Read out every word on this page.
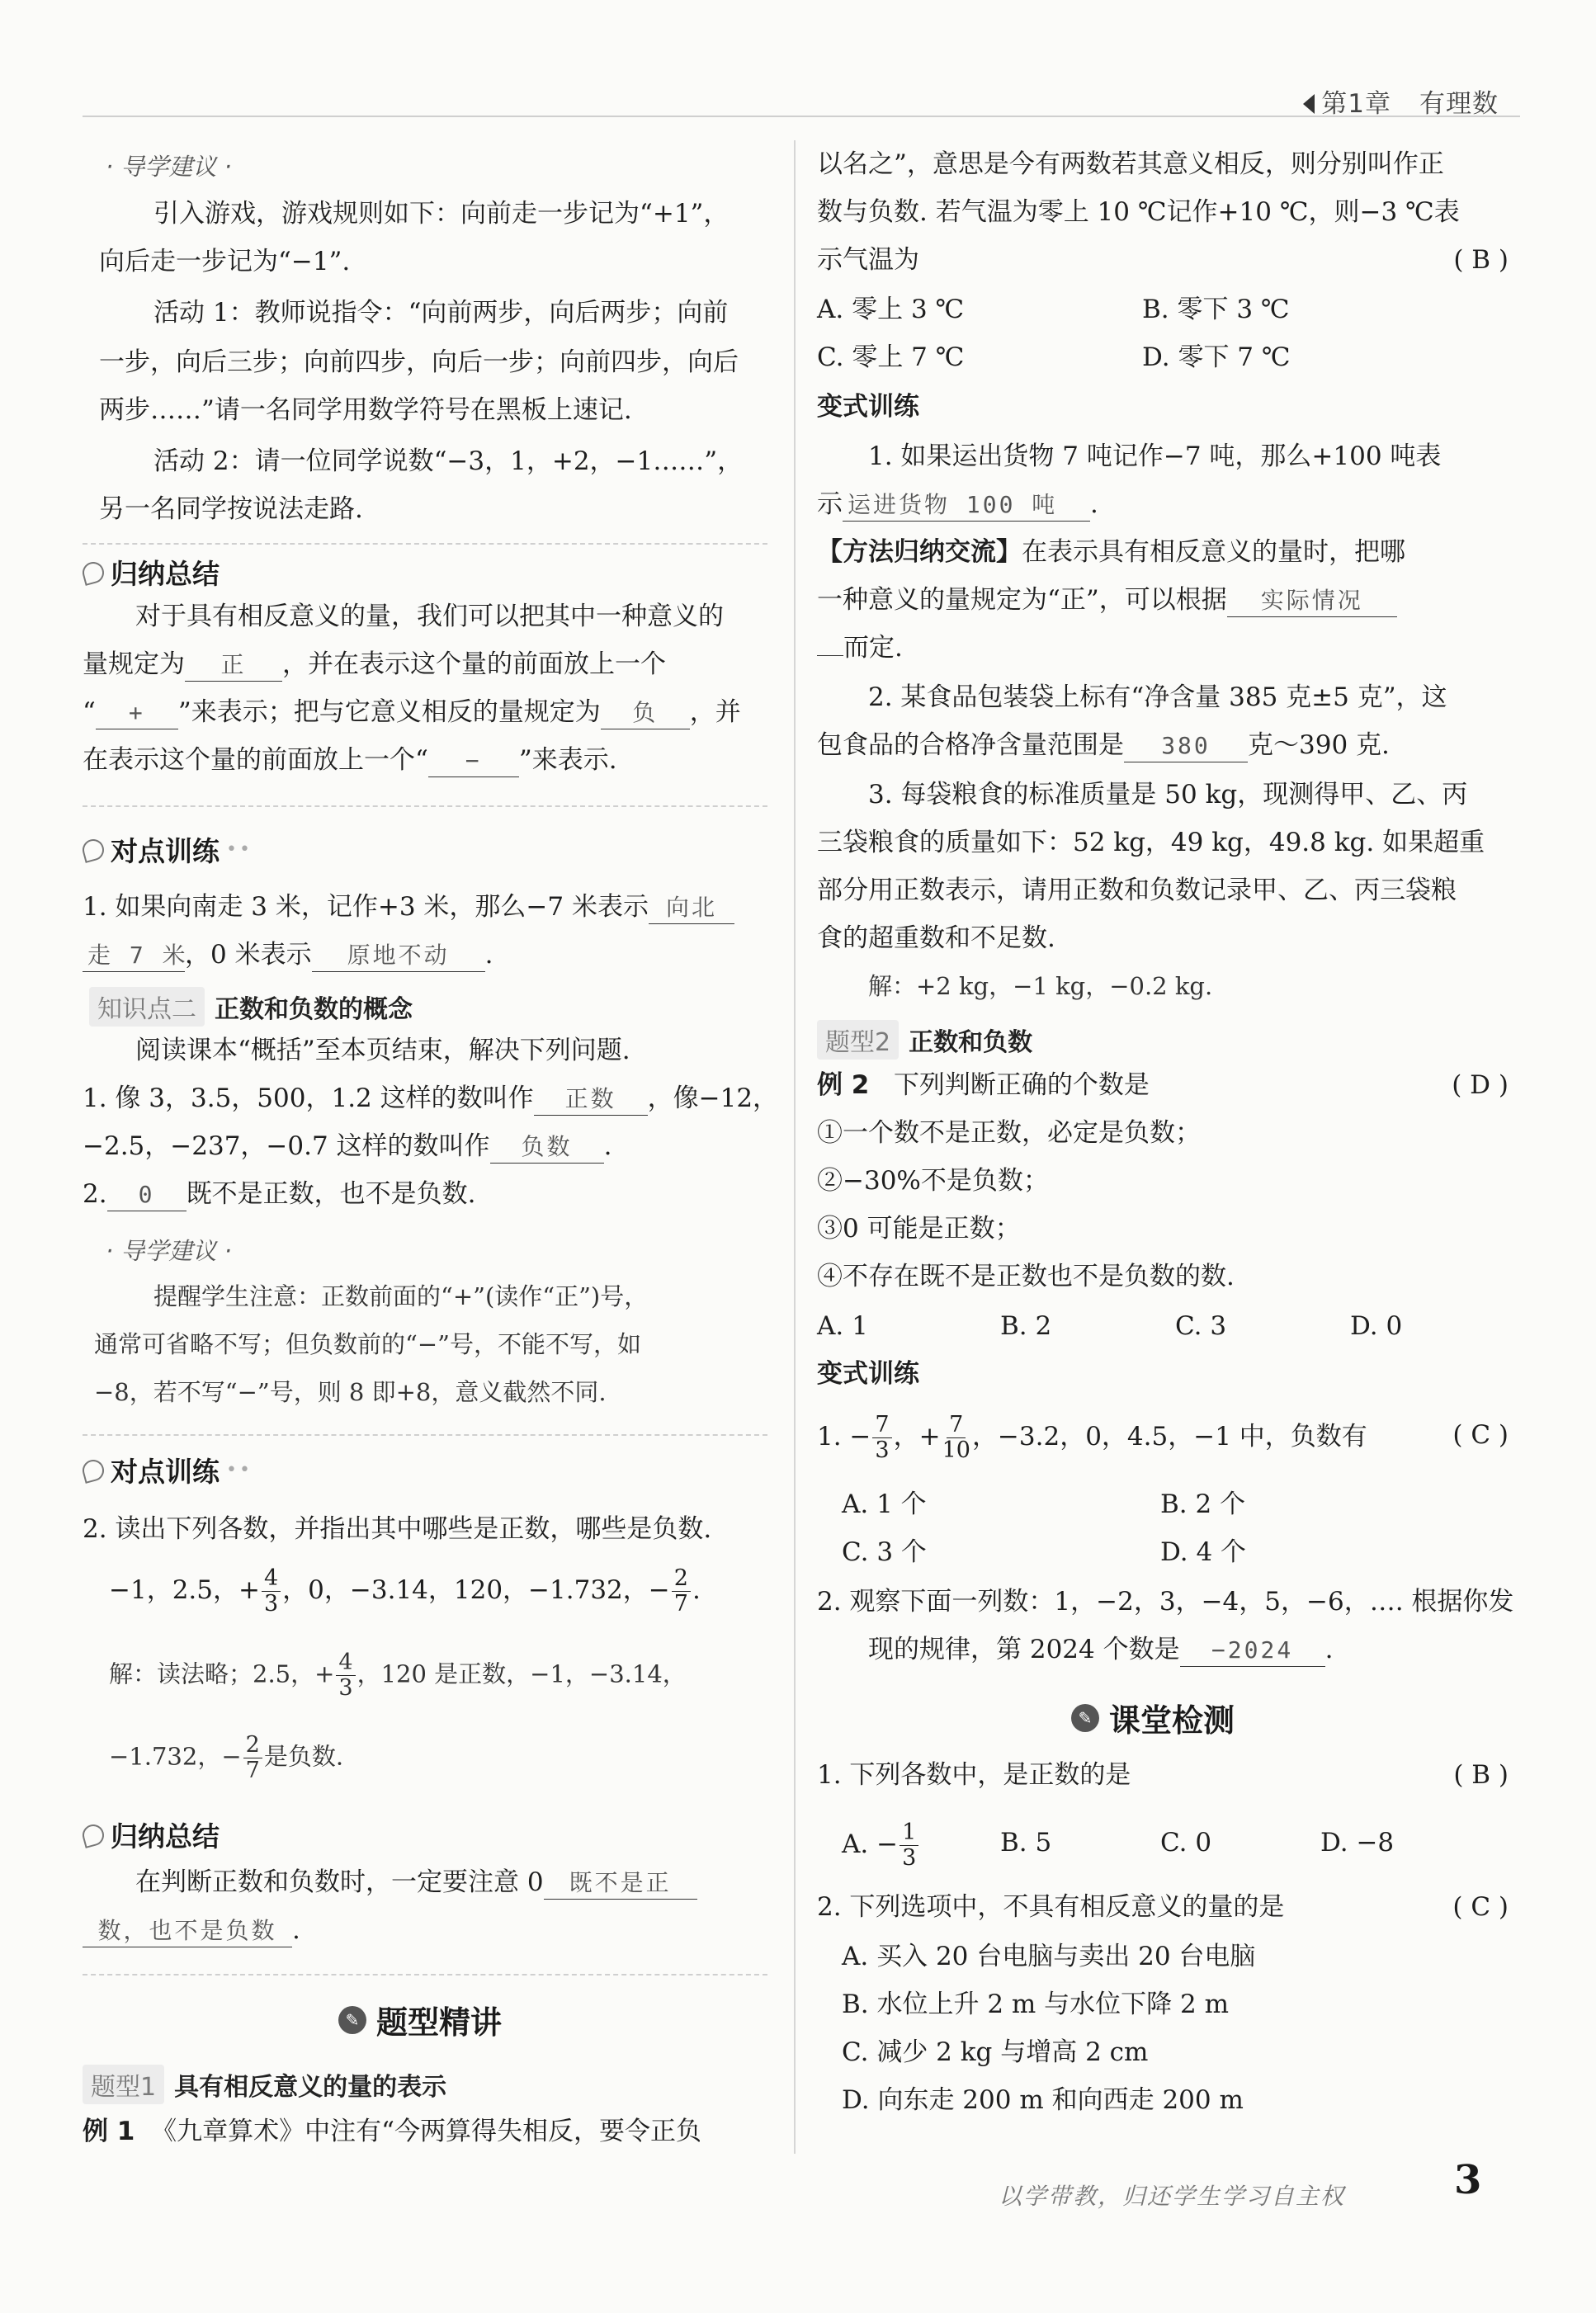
第1章 有理数
· 导学建议 ·
引入游戏，游戏规则如下：向前走一步记为“+1”，
向后走一步记为“−1”.
活动 1：教师说指令：“向前两步，向后两步；向前
一步，向后三步；向前四步，向后一步；向前四步，向后
两步……”请一名同学用数学符号在黑板上速记.
活动 2：请一位同学说数“−3，1，+2，−1……”，
另一名同学按说法走路.
归纳总结
对于具有相反意义的量，我们可以把其中一种意义的
量规定为 正 ，并在表示这个量的前面放上一个
“ + ”来表示；把与它意义相反的量规定为 负 ，并
在表示这个量的前面放上一个“ − ”来表示.
对点训练 ••
1. 如果向南走 3 米，记作+3 米，那么−7 米表示 向北
走 7 米，0 米表示 原地不动 .
知识点二 正数和负数的概念
阅读课本“概括”至本页结束，解决下列问题.
1. 像 3，3.5，500，1.2 这样的数叫作 正数 ，像−12，
−2.5，−237，−0.7 这样的数叫作 负数 .
2. 0 既不是正数，也不是负数.
· 导学建议 ·
提醒学生注意：正数前面的“+”(读作“正”)号，
通常可省略不写；但负数前的“−”号，不能不写，如
−8，若不写“−”号，则 8 即+8，意义截然不同.
对点训练 ••
2. 读出下列各数，并指出其中哪些是正数，哪些是负数.
−1，2.5，+ $\frac{4}{3}$ ，0，−3.14，120，−1.732，− $\frac{2}{7}$ .
解：读法略；2.5，+ $\frac{4}{3}$ ，120 是正数，−1，−3.14，
−1.732，− $\frac{2}{7}$ 是负数.
归纳总结
在判断正数和负数时，一定要注意 0 既不是正
数，也不是负数 .
✎ 题型精讲
题型1 具有相反意义的量的表示
例 1 《九章算术》中注有“今两算得失相反，要令正负
以名之”，意思是今有两数若其意义相反，则分别叫作正
数与负数. 若气温为零上 10 ℃记作+10 ℃，则−3 ℃表
示气温为	( B )
A. 零上 3 ℃	B. 零下 3 ℃
C. 零上 7 ℃	D. 零下 7 ℃
变式训练
1. 如果运出货物 7 吨记作−7 吨，那么+100 吨表
示 运进货物 100 吨 .
【方法归纳交流】在表示具有相反意义的量时，把哪
一种意义的量规定为“正”，可以根据 实际情况
而定.
2. 某食品包装袋上标有“净含量 385 克±5 克”，这
包食品的合格净含量范围是 380 克～390 克.
3. 每袋粮食的标准质量是 50 kg，现测得甲、乙、丙
三袋粮食的质量如下：52 kg，49 kg，49.8 kg. 如果超重
部分用正数表示，请用正数和负数记录甲、乙、丙三袋粮
食的超重数和不足数.
解：+2 kg，−1 kg，−0.2 kg.
题型2 正数和负数
例 2 下列判断正确的个数是	( D )
①一个数不是正数，必定是负数；
②−30%不是负数；
③0 可能是正数；
④不存在既不是正数也不是负数的数.
A. 1	B. 2	C. 3	D. 0
变式训练
1. − $\frac{7}{3}$ ，+ $\frac{7}{10}$ ，−3.2，0，4.5，−1 中，负数有	( C )
A. 1 个	B. 2 个
C. 3 个	D. 4 个
2. 观察下面一列数：1，−2，3，−4，5，−6，…. 根据你发
现的规律，第 2024 个数是 −2024 .
✎ 课堂检测
1. 下列各数中，是正数的是	( B )
A. − $\frac{1}{3}$	B. 5	C. 0	D. −8
2. 下列选项中，不具有相反意义的量的是	( C )
A. 买入 20 台电脑与卖出 20 台电脑
B. 水位上升 2 m 与水位下降 2 m
C. 减少 2 kg 与增高 2 cm
D. 向东走 200 m 和向西走 200 m
以学带教，归还学生学习自主权	3
